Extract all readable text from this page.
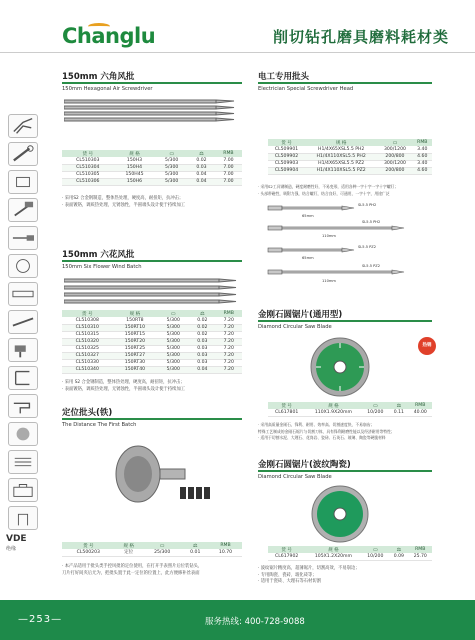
Changlu	削切钻孔磨具磨料耗材类
VDE
绝缘
150mm 六角风批
150mm Hexagonal Air Screwdriver
货 号	规 格	▭	⚖	RMB
CL510303	150H3	5/300	0.02	7.00
CL510304	150H4	5/300	0.03	7.00
CL510305	150H45	5/300	0.04	7.00
CL510306	150H6	5/300	0.04	7.00
· 采用S2 合金钢制造，整体热处理，硬度高，耐扭矩，抗冲击；
· 表面镀铬，调质热处理，无锈蚀性，半圆端头设计使于持续加工
150mm 六花风批
150mm Six Flower Wind Batch
货 号	规 格	▭	⚖	RMB
CL510308	150RT8	5/300	0.02	7.20
CL510310	150RT10	5/300	0.02	7.20
CL510315	150RT15	5/300	0.02	7.20
CL510320	150RT20	5/300	0.03	7.20
CL510325	150RT25	5/300	0.03	7.20
CL510327	150RT27	5/300	0.03	7.20
CL510330	150RT30	5/300	0.03	7.20
CL510340	150RT40	5/300	0.04	7.20
· 采用 S2 合金钢制造，整体热处理，硬度高，耐扭矩，抗冲击；
· 表面镀铬，调质热处理，无锈蚀性，半圆端头设计使于持续加工
定位批头(铁)
The Distance The First Batch
货 号	规 格	▭	⚖	RMB
CL500203	定位	25/300	0.01	10.70
· 本产品适用于批头类手控风批的定位使用，在打开手表照片后位装钻头，
刀片打好间夹后尤为，把批头置于此一定位的位置上，此方便修补丝表面
电工专用批头
Electrician Special Screwdriver Head
货 号	规 格	▭	RMB
CL509901	H1/4X65XSL5.5 PH2	300/1200	3.40
CL509902	H1/4X110XSL5.5 PH2	200/800	4.60
CL509903	H1/4X65XSL5.5 PZ2	300/1200	3.40
CL509904	H1/4X110XSL5.5 PZ2	200/800	4.60
· 采用S2工具钢制造，硬度耐磨性好，不易变形，适用各种一字十字一字十字螺钉；
· 头部带磁性，吸附力强，结合螺钉，结合良好，可通用，一字十字，用途广泛
SL5.5 PH2
65mm
110mm
SL5.5 PH2
SL5.5 PZ2
65mm
SL5.5 PZ2
110mm
金刚石圆锯片(通用型)
Diamond Circular Saw Blade
热销
货 号	规 格	▭	⚖	RMB
CL617801	110X1.9X20mm	10/200	0.11	40.00
· 采用高质量金刚石，锋利、耐用、效率高、切割速度快，不易崩齿；
特殊工艺制成的金刚石锯片与切割刀体，具有锋利耐磨性能以及经济耐用等特性；
· 适用于切割水泥、大理石、花岗岩、瓷砖、石英石、玻璃、陶瓷等硬脆材料
金刚石圆锯片(波纹陶瓷)
Diamond Circular Saw Blade
货 号	规 格	▭	⚖	RMB
CL617902	105X1.2X20mm	10/200	0.09	25.70
· 波纹锯片精度高，超薄锯片，切割高效，不易崩边；
· 专用陶瓷、瓷砖、玻化砖等；
· 适用于瓷砖、大理石等石材切割
—253—	服务热线: 400-728-9088
